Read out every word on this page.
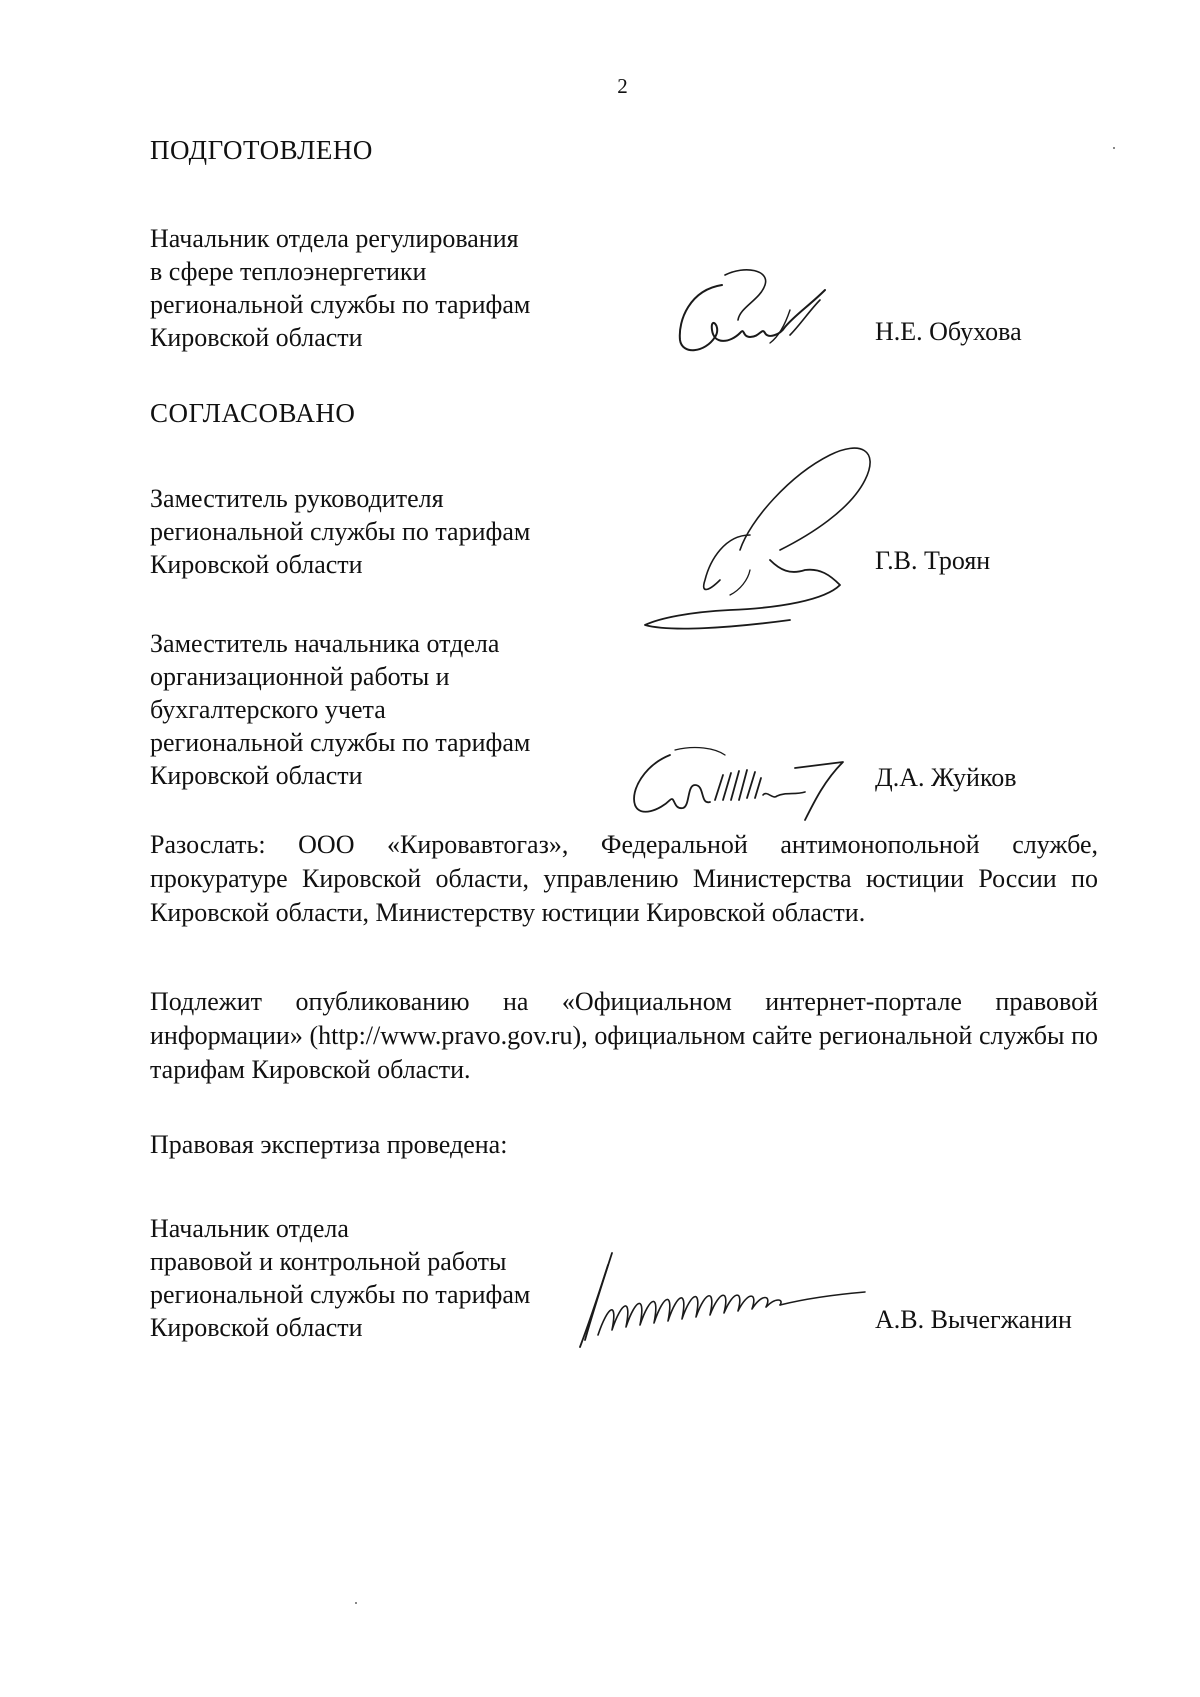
2
ПОДГОТОВЛЕНО
Начальник отдела регулирования
в сфере теплоэнергетики
региональной службы по тарифам
Кировской области	Н.Е. Обухова
СОГЛАСОВАНО
Заместитель руководителя
региональной службы по тарифам
Кировской области	Г.В. Троян
Заместитель начальника отдела
организационной работы и
бухгалтерского учета
региональной службы по тарифам
Кировской области	Д.А. Жуйков
Разослать: ООО «Кировавтогаз», Федеральной антимонопольной службе, прокуратуре Кировской области, управлению Министерства юстиции России по Кировской области, Министерству юстиции Кировской области.
Подлежит опубликованию на «Официальном интернет-портале правовой информации» (http://www.pravo.gov.ru), официальном сайте региональной службы по тарифам Кировской области.
Правовая экспертиза проведена:
Начальник отдела
правовой и контрольной работы
региональной службы по тарифам
Кировской области	А.В. Вычегжанин
